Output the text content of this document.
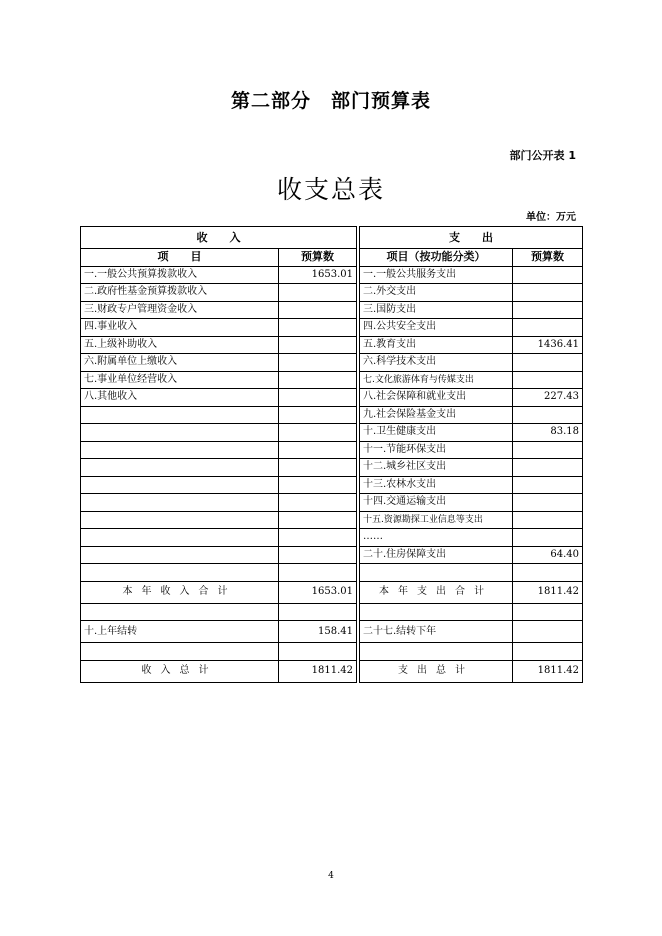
第二部分　部门预算表
部门公开表 1
收支总表
单位：万元
收　　入			支　　出	
项　　目	预算数		项目（按功能分类）	预算数
一.一般公共预算拨款收入	1653.01		一.一般公共服务支出	
二.政府性基金预算拨款收入			二.外交支出	
三.财政专户管理资金收入			三.国防支出	
四.事业收入			四.公共安全支出	
五.上级补助收入			五.教育支出	1436.41
六.附属单位上缴收入			六.科学技术支出	
七.事业单位经营收入			七.文化旅游体育与传媒支出	
八.其他收入			八.社会保障和就业支出	227.43
			九.社会保险基金支出	
			十.卫生健康支出	83.18
			十一.节能环保支出	
			十二.城乡社区支出	
			十三.农林水支出	
			十四.交通运输支出	
			十五.资源勘探工业信息等支出	
			……	
			二十.住房保障支出	64.40

本年收入合计	1653.01		本年支出合计	1811.42

十.上年结转	158.41		二十七.结转下年	

收入总计	1811.42		支出总计	1811.42
4
